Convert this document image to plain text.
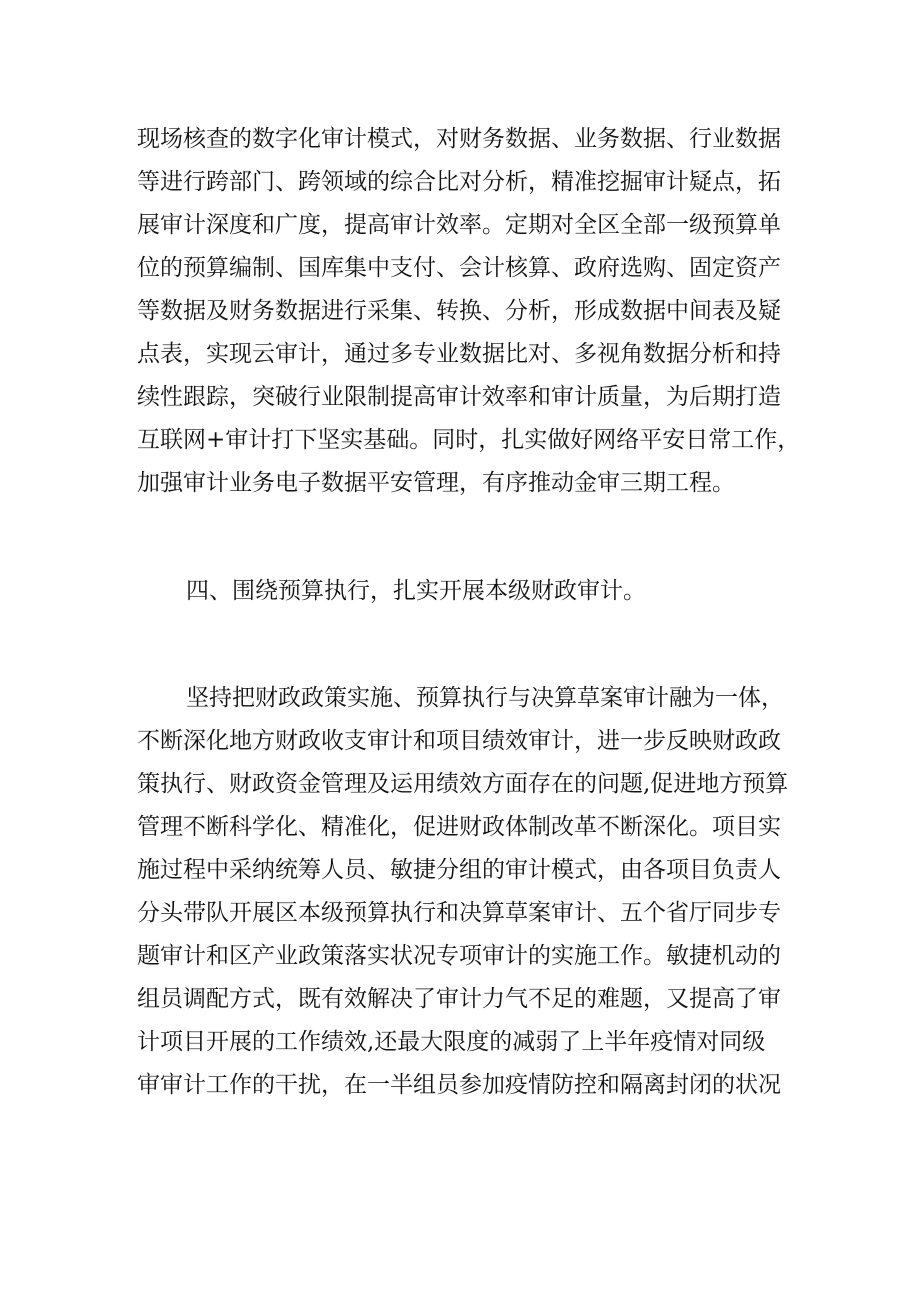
现场核查的数字化审计模式，对财务数据、业务数据、行业数据
等进行跨部门、跨领域的综合比对分析，精准挖掘审计疑点，拓
展审计深度和广度，提高审计效率。定期对全区全部一级预算单
位的预算编制、国库集中支付、会计核算、政府选购、固定资产
等数据及财务数据进行采集、转换、分析，形成数据中间表及疑
点表，实现云审计，通过多专业数据比对、多视角数据分析和持
续性跟踪，突破行业限制提高审计效率和审计质量，为后期打造
互联网+审计打下坚实基础。同时，扎实做好网络平安日常工作，
加强审计业务电子数据平安管理，有序推动金审三期工程。
四、围绕预算执行，扎实开展本级财政审计。
坚持把财政政策实施、预算执行与决算草案审计融为一体，
不断深化地方财政收支审计和项目绩效审计，进一步反映财政政
策执行、财政资金管理及运用绩效方面存在的问题,促进地方预算
管理不断科学化、精准化，促进财政体制改革不断深化。项目实
施过程中采纳统筹人员、敏捷分组的审计模式，由各项目负责人
分头带队开展区本级预算执行和决算草案审计、五个省厅同步专
题审计和区产业政策落实状况专项审计的实施工作。敏捷机动的
组员调配方式，既有效解决了审计力气不足的难题，又提高了审
计项目开展的工作绩效,还最大限度的减弱了上半年疫情对同级
审审计工作的干扰，在一半组员参加疫情防控和隔离封闭的状况
